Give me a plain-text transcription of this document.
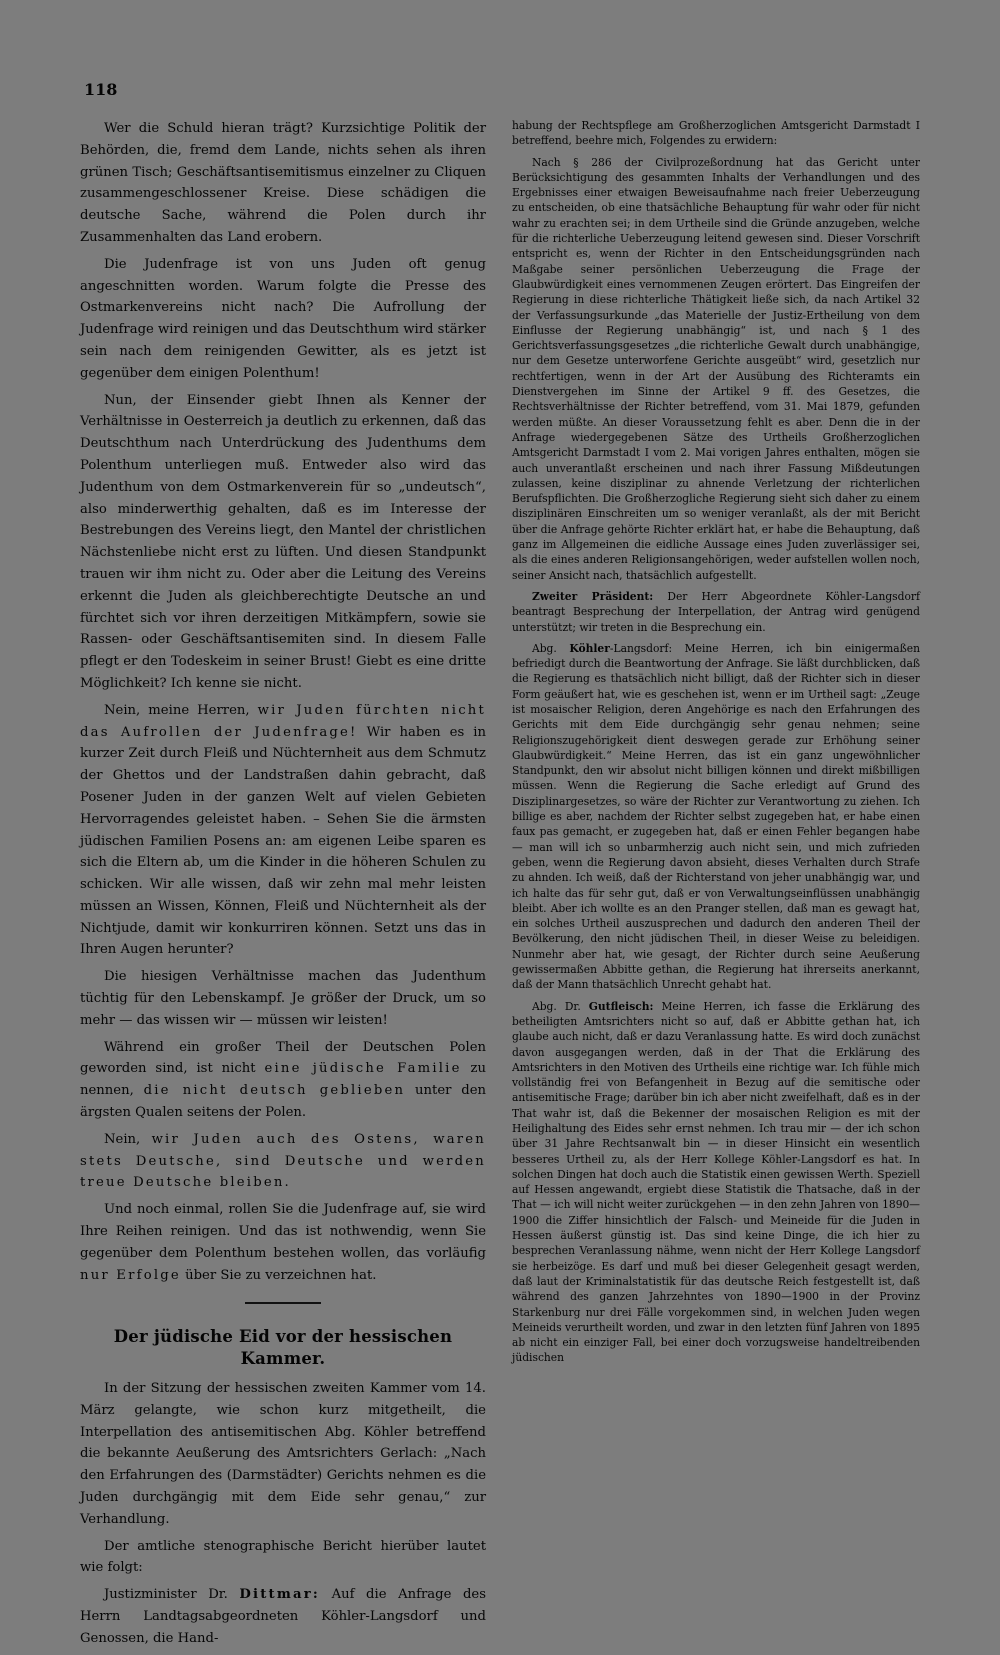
118

Wer die Schuld hieran trägt? Kurzsichtige Politik der Behörden, die, fremd dem Lande, nichts sehen als ihren grünen Tisch; Geschäftsantisemitismus einzelner zu Cliquen zusammengeschlossener Kreise. Diese schädigen die deutsche Sache, während die Polen durch ihr Zusammenhalten das Land erobern.

Die Judenfrage ist von uns Juden oft genug angeschnitten worden. Warum folgte die Presse des Ostmarkenvereins nicht nach? Die Aufrollung der Judenfrage wird reinigen und das Deutschthum wird stärker sein nach dem reinigenden Gewitter, als es jetzt ist gegenüber dem einigen Polenthum!

Nun, der Einsender giebt Ihnen als Kenner der Verhältnisse in Oesterreich ja deutlich zu erkennen, daß das Deutschthum nach Unterdrückung des Judenthums dem Polenthum unterliegen muß. Entweder also wird das Judenthum von dem Ostmarkenverein für so „undeutsch“, also minderwerthig gehalten, daß es im Interesse der Bestrebungen des Vereins liegt, den Mantel der christlichen Nächstenliebe nicht erst zu lüften. Und diesen Standpunkt trauen wir ihm nicht zu. Oder aber die Leitung des Vereins erkennt die Juden als gleichberechtigte Deutsche an und fürchtet sich vor ihren derzeitigen Mitkämpfern, sowie sie Rassen- oder Geschäftsantisemiten sind. In diesem Falle pflegt er den Todeskeim in seiner Brust! Giebt es eine dritte Möglichkeit? Ich kenne sie nicht.

Nein, meine Herren, wir Juden fürchten nicht das Aufrollen der Judenfrage! Wir haben es in kurzer Zeit durch Fleiß und Nüchternheit aus dem Schmutz der Ghettos und der Landstraßen dahin gebracht, daß Posener Juden in der ganzen Welt auf vielen Gebieten Hervorragendes geleistet haben. – Sehen Sie die ärmsten jüdischen Familien Posens an: am eigenen Leibe sparen es sich die Eltern ab, um die Kinder in die höheren Schulen zu schicken. Wir alle wissen, daß wir zehn mal mehr leisten müssen an Wissen, Können, Fleiß und Nüchternheit als der Nichtjude, damit wir konkurriren können. Setzt uns das in Ihren Augen herunter?

Die hiesigen Verhältnisse machen das Judenthum tüchtig für den Lebenskampf. Je größer der Druck, um so mehr — das wissen wir — müssen wir leisten!

Während ein großer Theil der Deutschen Polen geworden sind, ist nicht eine jüdische Familie zu nennen, die nicht deutsch geblieben unter den ärgsten Qualen seitens der Polen.

Nein, wir Juden auch des Ostens, waren stets Deutsche, sind Deutsche und werden treue Deutsche bleiben.

Und noch einmal, rollen Sie die Judenfrage auf, sie wird Ihre Reihen reinigen. Und das ist nothwendig, wenn Sie gegenüber dem Polenthum bestehen wollen, das vorläufig nur Erfolge über Sie zu verzeichnen hat.

Der jüdische Eid vor der hessischen Kammer.

In der Sitzung der hessischen zweiten Kammer vom 14. März gelangte, wie schon kurz mitgetheilt, die Interpellation des antisemitischen Abg. Köhler betreffend die bekannte Aeußerung des Amtsrichters Gerlach: „Nach den Erfahrungen des (Darmstädter) Gerichts nehmen es die Juden durchgängig mit dem Eide sehr genau,“ zur Verhandlung.

Der amtliche stenographische Bericht hierüber lautet wie folgt:

Justizminister Dr. Dittmar: Auf die Anfrage des Herrn Landtagsabgeordneten Köhler-Langsdorf und Genossen, die Hand-

habung der Rechtspflege am Großherzoglichen Amtsgericht Darmstadt I betreffend, beehre mich, Folgendes zu erwidern:

Nach § 286 der Civilprozeßordnung hat das Gericht unter Berücksichtigung des gesammten Inhalts der Verhandlungen und des Ergebnisses einer etwaigen Beweisaufnahme nach freier Ueberzeugung zu entscheiden, ob eine thatsächliche Behauptung für wahr oder für nicht wahr zu erachten sei; in dem Urtheile sind die Gründe anzugeben, welche für die richterliche Ueberzeugung leitend gewesen sind. Dieser Vorschrift entspricht es, wenn der Richter in den Entscheidungsgründen nach Maßgabe seiner persönlichen Ueberzeugung die Frage der Glaubwürdigkeit eines vernommenen Zeugen erörtert. Das Eingreifen der Regierung in diese richterliche Thätigkeit ließe sich, da nach Artikel 32 der Verfassungsurkunde „das Materielle der Justiz-Ertheilung von dem Einflusse der Regierung unabhängig“ ist, und nach § 1 des Gerichtsverfassungsgesetzes „die richterliche Gewalt durch unabhängige, nur dem Gesetze unterworfene Gerichte ausgeübt“ wird, gesetzlich nur rechtfertigen, wenn in der Art der Ausübung des Richteramts ein Dienstvergehen im Sinne der Artikel 9 ff. des Gesetzes, die Rechtsverhältnisse der Richter betreffend, vom 31. Mai 1879, gefunden werden müßte. An dieser Voraussetzung fehlt es aber. Denn die in der Anfrage wiedergegebenen Sätze des Urtheils Großherzoglichen Amtsgericht Darmstadt I vom 2. Mai vorigen Jahres enthalten, mögen sie auch unverantlaßt erscheinen und nach ihrer Fassung Mißdeutungen zulassen, keine disziplinar zu ahnende Verletzung der richterlichen Berufspflichten. Die Großherzogliche Regierung sieht sich daher zu einem disziplinären Einschreiten um so weniger veranlaßt, als der mit Bericht über die Anfrage gehörte Richter erklärt hat, er habe die Behauptung, daß ganz im Allgemeinen die eidliche Aussage eines Juden zuverlässiger sei, als die eines anderen Religionsangehörigen, weder aufstellen wollen noch, seiner Ansicht nach, thatsächlich aufgestellt.

Zweiter Präsident: Der Herr Abgeordnete Köhler-Langsdorf beantragt Besprechung der Interpellation, der Antrag wird genügend unterstützt; wir treten in die Besprechung ein.

Abg. Köhler-Langsdorf: Meine Herren, ich bin einigermaßen befriedigt durch die Beantwortung der Anfrage. Sie läßt durchblicken, daß die Regierung es thatsächlich nicht billigt, daß der Richter sich in dieser Form geäußert hat, wie es geschehen ist, wenn er im Urtheil sagt: „Zeuge ist mosaischer Religion, deren Angehörige es nach den Erfahrungen des Gerichts mit dem Eide durchgängig sehr genau nehmen; seine Religionszugehörigkeit dient deswegen gerade zur Erhöhung seiner Glaubwürdigkeit.“ Meine Herren, das ist ein ganz ungewöhnlicher Standpunkt, den wir absolut nicht billigen können und direkt mißbilligen müssen. Wenn die Regierung die Sache erledigt auf Grund des Disziplinargesetzes, so wäre der Richter zur Verantwortung zu ziehen. Ich billige es aber, nachdem der Richter selbst zugegeben hat, er habe einen faux pas gemacht, er zugegeben hat, daß er einen Fehler begangen habe — man will ich so unbarmherzig auch nicht sein, und mich zufrieden geben, wenn die Regierung davon absieht, dieses Verhalten durch Strafe zu ahnden. Ich weiß, daß der Richterstand von jeher unabhängig war, und ich halte das für sehr gut, daß er von Verwaltungseinflüssen unabhängig bleibt. Aber ich wollte es an den Pranger stellen, daß man es gewagt hat, ein solches Urtheil auszusprechen und dadurch den anderen Theil der Bevölkerung, den nicht jüdischen Theil, in dieser Weise zu beleidigen. Nunmehr aber hat, wie gesagt, der Richter durch seine Aeußerung gewissermaßen Abbitte gethan, die Regierung hat ihrerseits anerkannt, daß der Mann thatsächlich Unrecht gehabt hat.

Abg. Dr. Gutfleisch: Meine Herren, ich fasse die Erklärung des betheiligten Amtsrichters nicht so auf, daß er Abbitte gethan hat, ich glaube auch nicht, daß er dazu Veranlassung hatte. Es wird doch zunächst davon ausgegangen werden, daß in der That die Erklärung des Amtsrichters in den Motiven des Urtheils eine richtige war. Ich fühle mich vollständig frei von Befangenheit in Bezug auf die semitische oder antisemitische Frage; darüber bin ich aber nicht zweifelhaft, daß es in der That wahr ist, daß die Bekenner der mosaischen Religion es mit der Heilighaltung des Eides sehr ernst nehmen. Ich trau mir — der ich schon über 31 Jahre Rechtsanwalt bin — in dieser Hinsicht ein wesentlich besseres Urtheil zu, als der Herr Kollege Köhler-Langsdorf es hat. In solchen Dingen hat doch auch die Statistik einen gewissen Werth. Speziell auf Hessen angewandt, ergiebt diese Statistik die Thatsache, daß in der That — ich will nicht weiter zurückgehen — in den zehn Jahren von 1890—1900 die Ziffer hinsichtlich der Falsch- und Meineide für die Juden in Hessen äußerst günstig ist. Das sind keine Dinge, die ich hier zu besprechen Veranlassung nähme, wenn nicht der Herr Kollege Langsdorf sie herbeizöge. Es darf und muß bei dieser Gelegenheit gesagt werden, daß laut der Kriminalstatistik für das deutsche Reich festgestellt ist, daß während des ganzen Jahrzehntes von 1890—1900 in der Provinz Starkenburg nur drei Fälle vorgekommen sind, in welchen Juden wegen Meineids verurtheilt worden, und zwar in den letzten fünf Jahren von 1895 ab nicht ein einziger Fall, bei einer doch vorzugsweise handeltreibenden jüdischen
